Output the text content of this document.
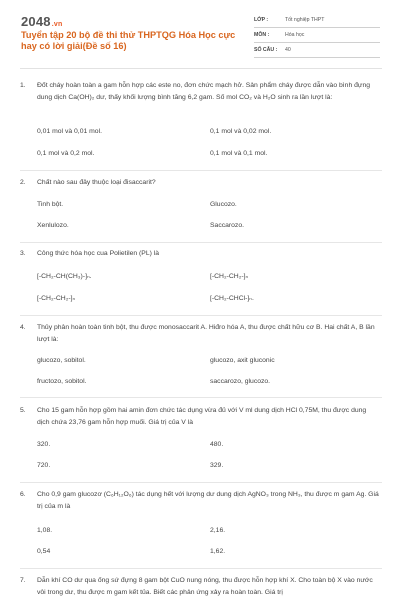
2048.vn
Tuyển tập 20 bộ đề thi thử THPTQG Hóa Học cực hay có lời giải(Đề số 16)
LỚP :	Tốt nghiệp THPT
MÔN :	Hóa học
SỐ CÂU :	40
1. Đốt cháy hoàn toàn a gam hỗn hợp các este no, đơn chức mạch hở. Sản phẩm cháy được dẫn vào bình đựng dung dịch Ca(OH)₂ dư, thấy khối lượng bình tăng 6,2 gam. Số mol CO₂ và H₂O sinh ra lần lượt là:
0,01 mol và 0,01 mol.	0,1 mol và 0,02 mol.
0,1 mol và 0,2 mol.	0,1 mol và 0,1 mol.
2. Chất nào sau đây thuộc loại đisaccarit?
Tinh bột.	Glucozo.
Xenlulozo.	Saccarozo.
3. Công thức hóa học cua Polietilen (PL) là
[-CH₂-CH(CH₃)-]ₙ.	[-CH₂-CH₂-]ₙ
[-CH₂-CH₂-]ₙ	[-CH₂-CHCl-]ₙ.
4. Thủy phân hoàn toàn tinh bột, thu được monosaccarit A. Hiđro hóa A, thu được chất hữu cơ B. Hai chất A, B lần lượt là:
glucozo, sobitol.	glucozo, axit gluconic
fructozo, sobitol.	saccarozo, glucozo.
5. Cho 15 gam hỗn hợp gồm hai amin đơn chức tác dụng vừa đủ với V ml dung dịch HCl 0,75M, thu được dung dịch chứa 23,76 gam hỗn hợp muối. Giá trị của V là
320.	480.
720.	329.
6. Cho 0,9 gam glucozơ (C₆H₁₂O₆) tác dụng hết với lượng dư dung dịch AgNO₃ trong NH₃, thu được m gam Ag. Giá trị của m là
1,08.	2,16.
0,54	1,62.
7. Dẫn khí CO dư qua ống sứ đựng 8 gam bột CuO nung nóng, thu được hỗn hợp khí X. Cho toàn bộ X vào nước vôi trong dư, thu được m gam kết tủa. Biết các phản ứng xảy ra hoàn toàn. Giá trị
